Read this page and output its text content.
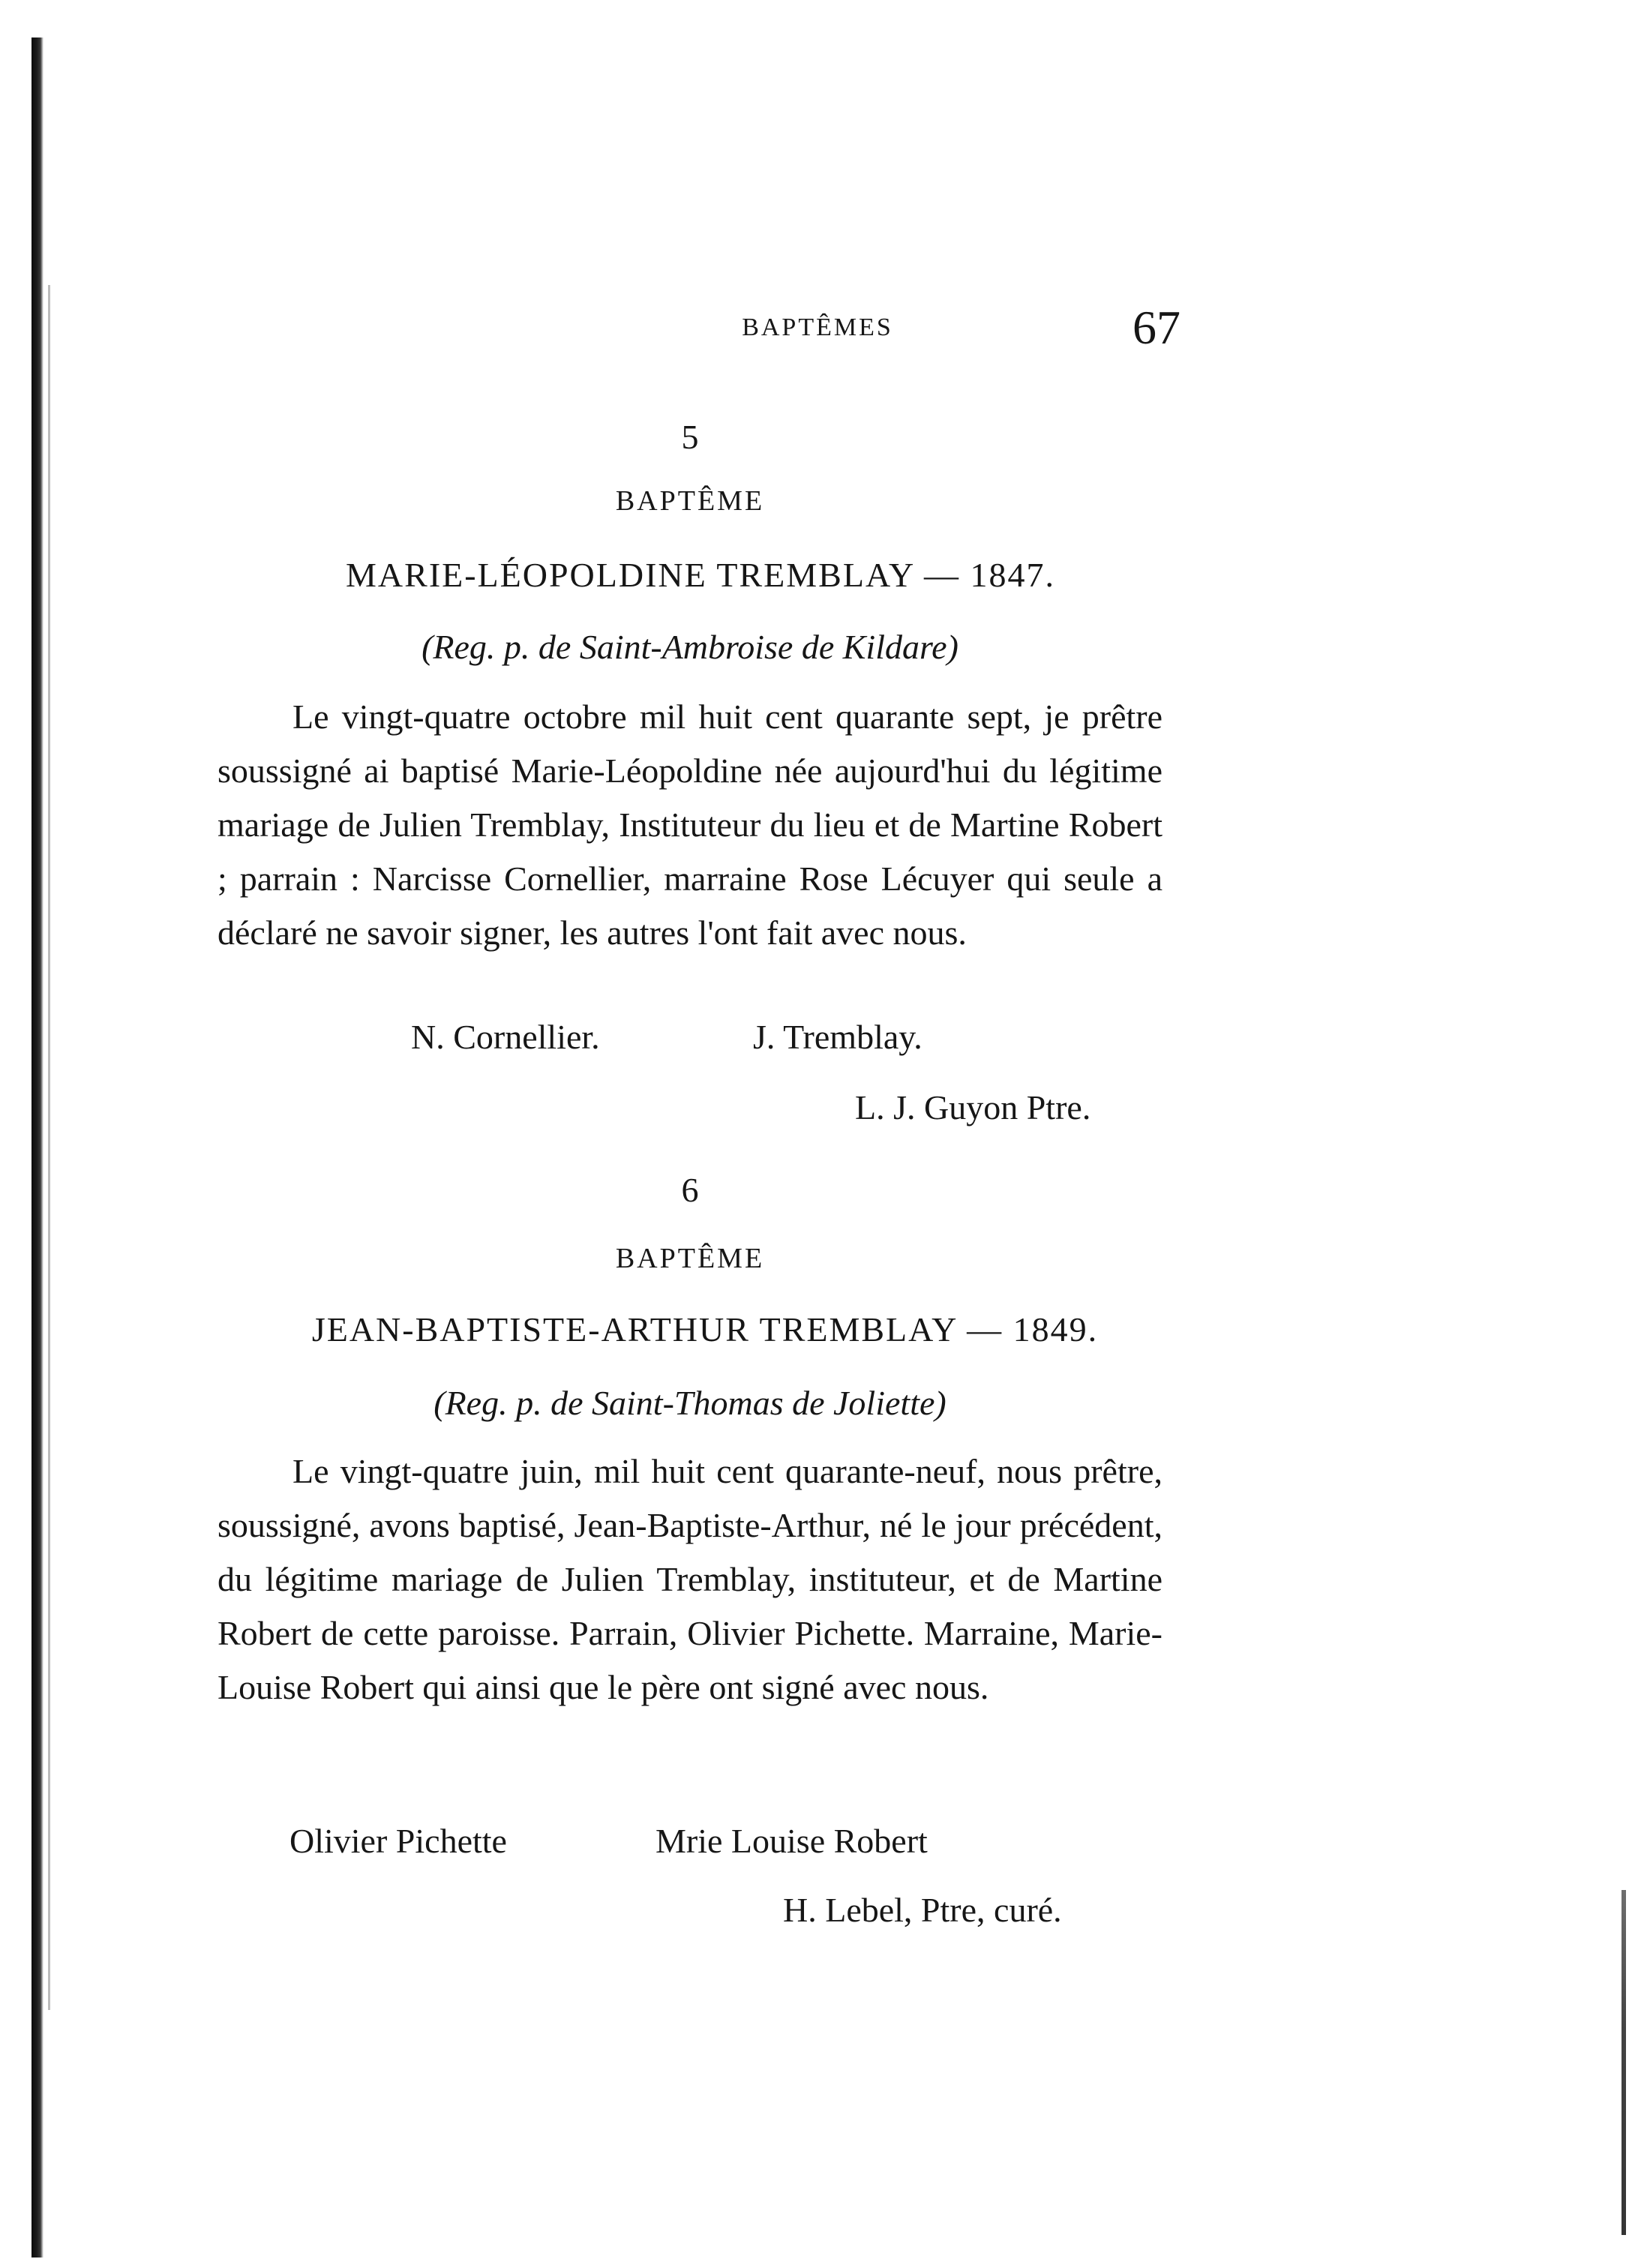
BAPTÊMES	67
5
BAPTÊME
MARIE-LÉOPOLDINE TREMBLAY — 1847.
(Reg. p. de Saint-Ambroise de Kildare)

Le vingt-quatre octobre mil huit cent quarante sept, je prêtre soussigné ai baptisé Marie-Léopoldine née aujourd'hui du légitime mariage de Julien Tremblay, Instituteur du lieu et de Martine Robert ; parrain : Narcisse Cornellier, marraine Rose Lécuyer qui seule a déclaré ne savoir signer, les autres l'ont fait avec nous.

N. Cornellier.	J. Tremblay.
L. J. Guyon Ptre.
6
BAPTÊME
JEAN-BAPTISTE-ARTHUR TREMBLAY — 1849.
(Reg. p. de Saint-Thomas de Joliette)

Le vingt-quatre juin, mil huit cent quarante-neuf, nous prêtre, soussigné, avons baptisé, Jean-Baptiste-Arthur, né le jour précédent, du légitime mariage de Julien Tremblay, instituteur, et de Martine Robert de cette paroisse. Parrain, Olivier Pichette. Marraine, Marie-Louise Robert qui ainsi que le père ont signé avec nous.

Olivier Pichette	Mrie Louise Robert
H. Lebel, Ptre, curé.
